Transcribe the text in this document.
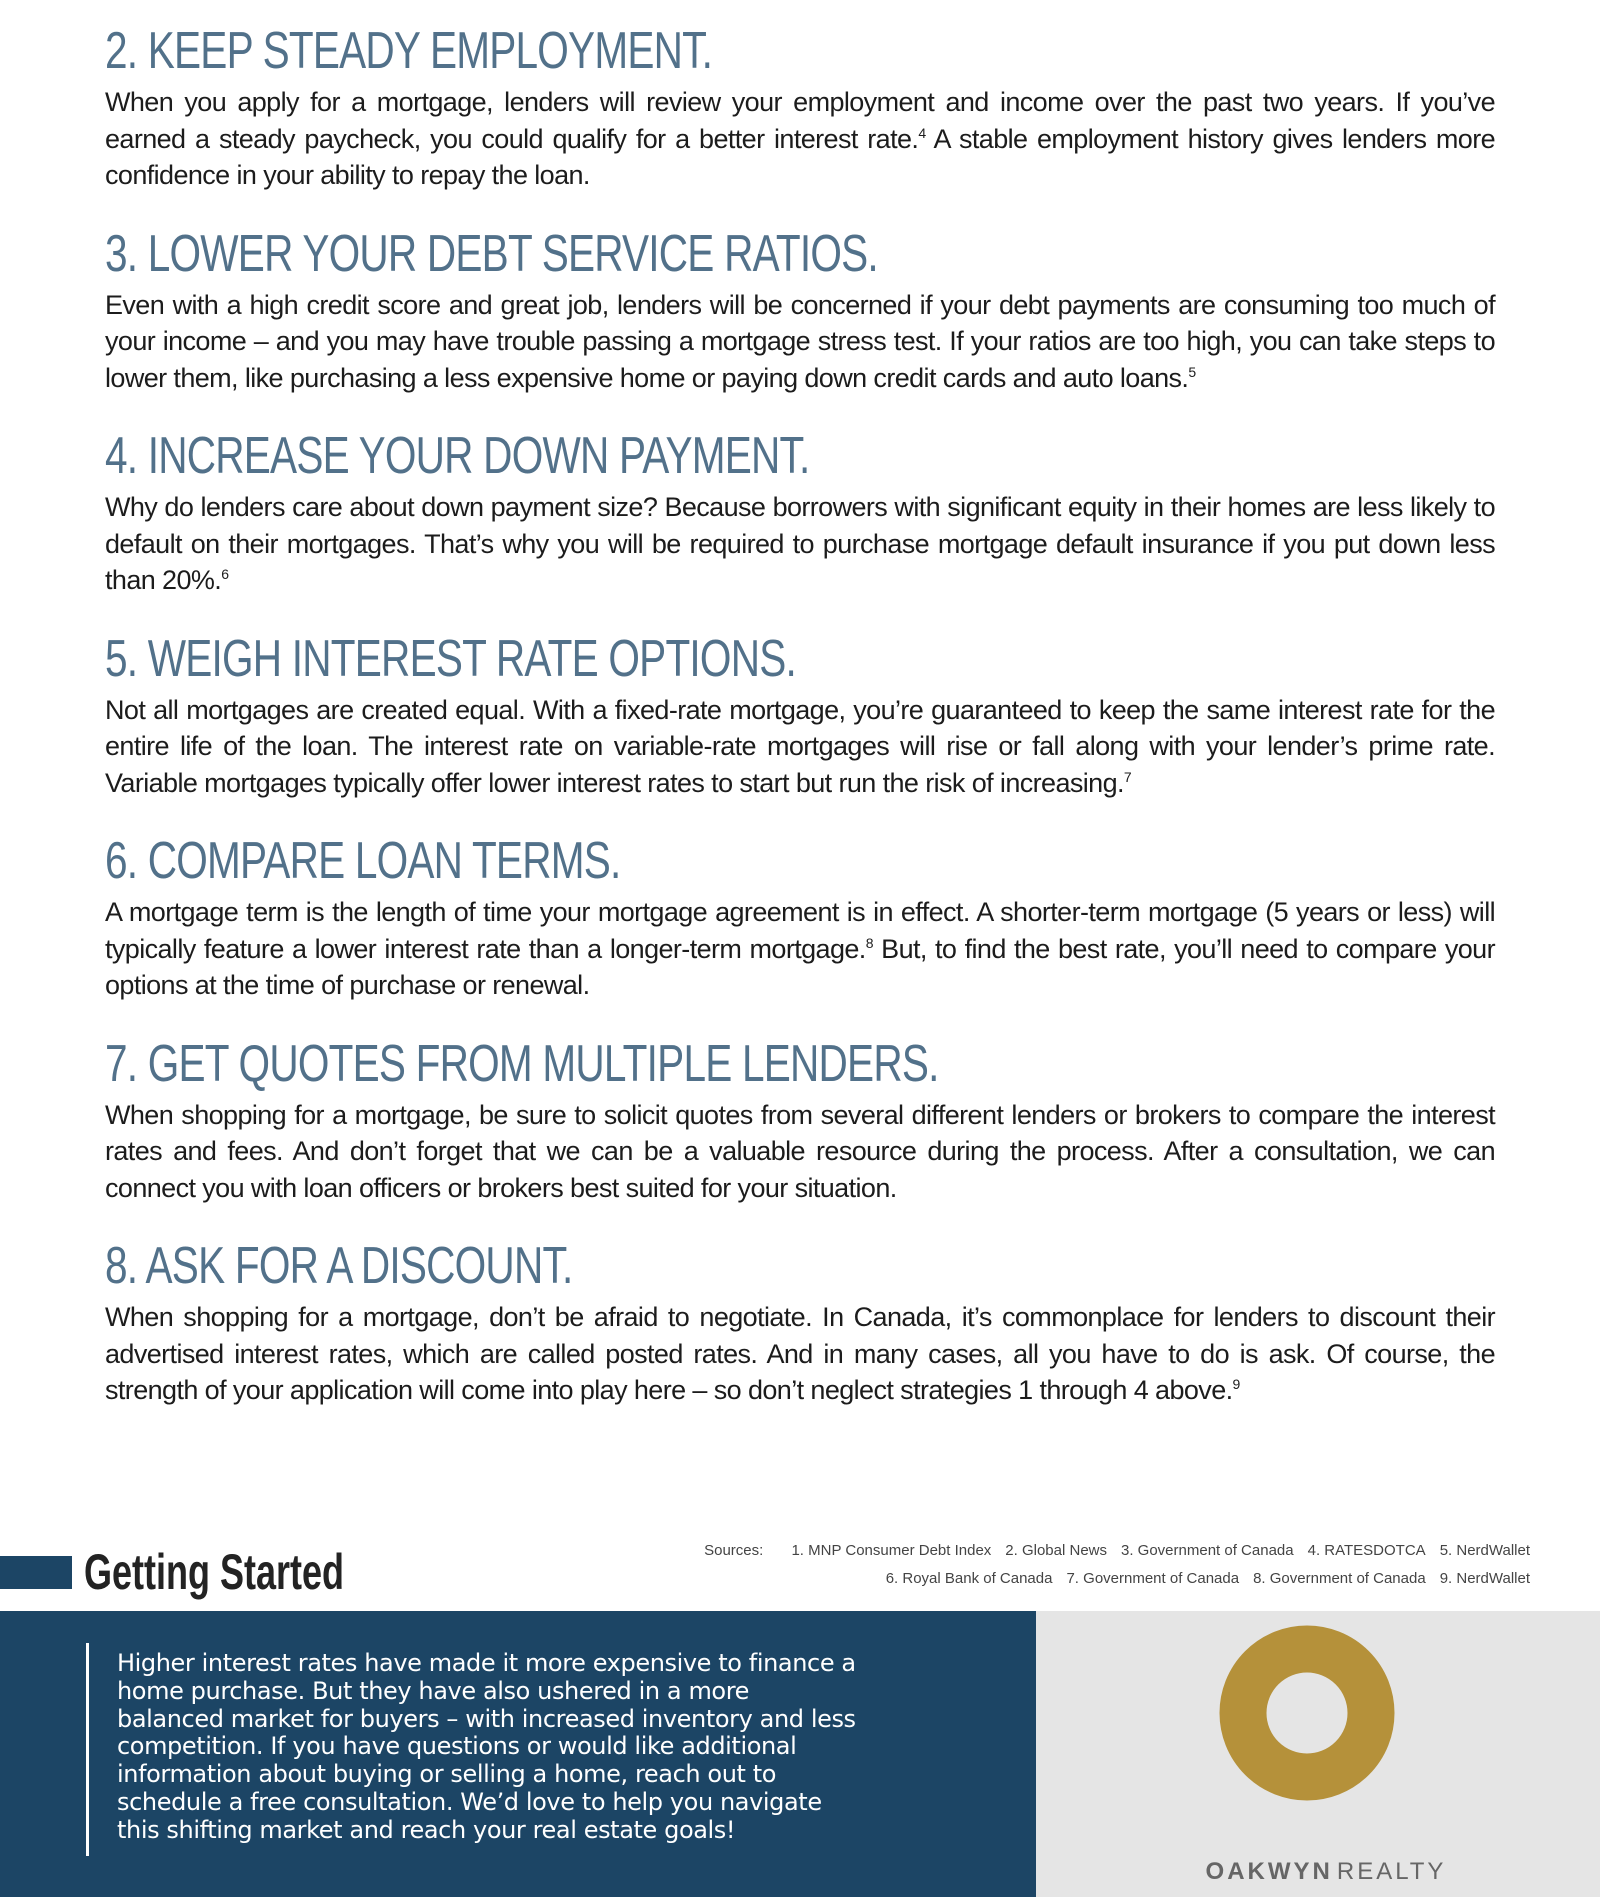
2. KEEP STEADY EMPLOYMENT.

When you apply for a mortgage, lenders will review your employment and income over the past two years. If you’ve earned a steady paycheck, you could qualify for a better interest rate.$^4$ A stable employment history gives lenders more confidence in your ability to repay the loan.

3. LOWER YOUR DEBT SERVICE RATIOS.

Even with a high credit score and great job, lenders will be concerned if your debt payments are consuming too much of your income – and you may have trouble passing a mortgage stress test. If your ratios are too high, you can take steps to lower them, like purchasing a less expensive home or paying down credit cards and auto loans.$^5$

4. INCREASE YOUR DOWN PAYMENT.

Why do lenders care about down payment size? Because borrowers with significant equity in their homes are less likely to default on their mortgages. That’s why you will be required to purchase mortgage default insurance if you put down less than 20%.$^6$

5. WEIGH INTEREST RATE OPTIONS.

Not all mortgages are created equal. With a fixed-rate mortgage, you’re guaranteed to keep the same interest rate for the entire life of the loan. The interest rate on variable-rate mortgages will rise or fall along with your lender’s prime rate. Variable mortgages typically offer lower interest rates to start but run the risk of increasing.$^7$

6. COMPARE LOAN TERMS.

A mortgage term is the length of time your mortgage agreement is in effect. A shorter-term mortgage (5 years or less) will typically feature a lower interest rate than a longer-term mortgage.$^8$ But, to find the best rate, you’ll need to compare your options at the time of purchase or renewal.

7. GET QUOTES FROM MULTIPLE LENDERS.

When shopping for a mortgage, be sure to solicit quotes from several different lenders or brokers to compare the interest rates and fees. And don’t forget that we can be a valuable resource during the process. After a consultation, we can connect you with loan officers or brokers best suited for your situation.

8. ASK FOR A DISCOUNT.

When shopping for a mortgage, don’t be afraid to negotiate. In Canada, it’s commonplace for lenders to discount their advertised interest rates, which are called posted rates. And in many cases, all you have to do is ask. Of course, the strength of your application will come into play here – so don’t neglect strategies 1 through 4 above.$^9$

Getting Started	Sources: 1. MNP Consumer Debt Index 2. Global News 3. Government of Canada 4. RATESDOTCA 5. NerdWallet
6. Royal Bank of Canada 7. Government of Canada 8. Government of Canada 9. NerdWallet

Higher interest rates have made it more expensive to finance a home purchase. But they have also ushered in a more balanced market for buyers – with increased inventory and less competition. If you have questions or would like additional information about buying or selling a home, reach out to schedule a free consultation. We’d love to help you navigate this shifting market and reach your real estate goals!

OAKWYN REALTY
